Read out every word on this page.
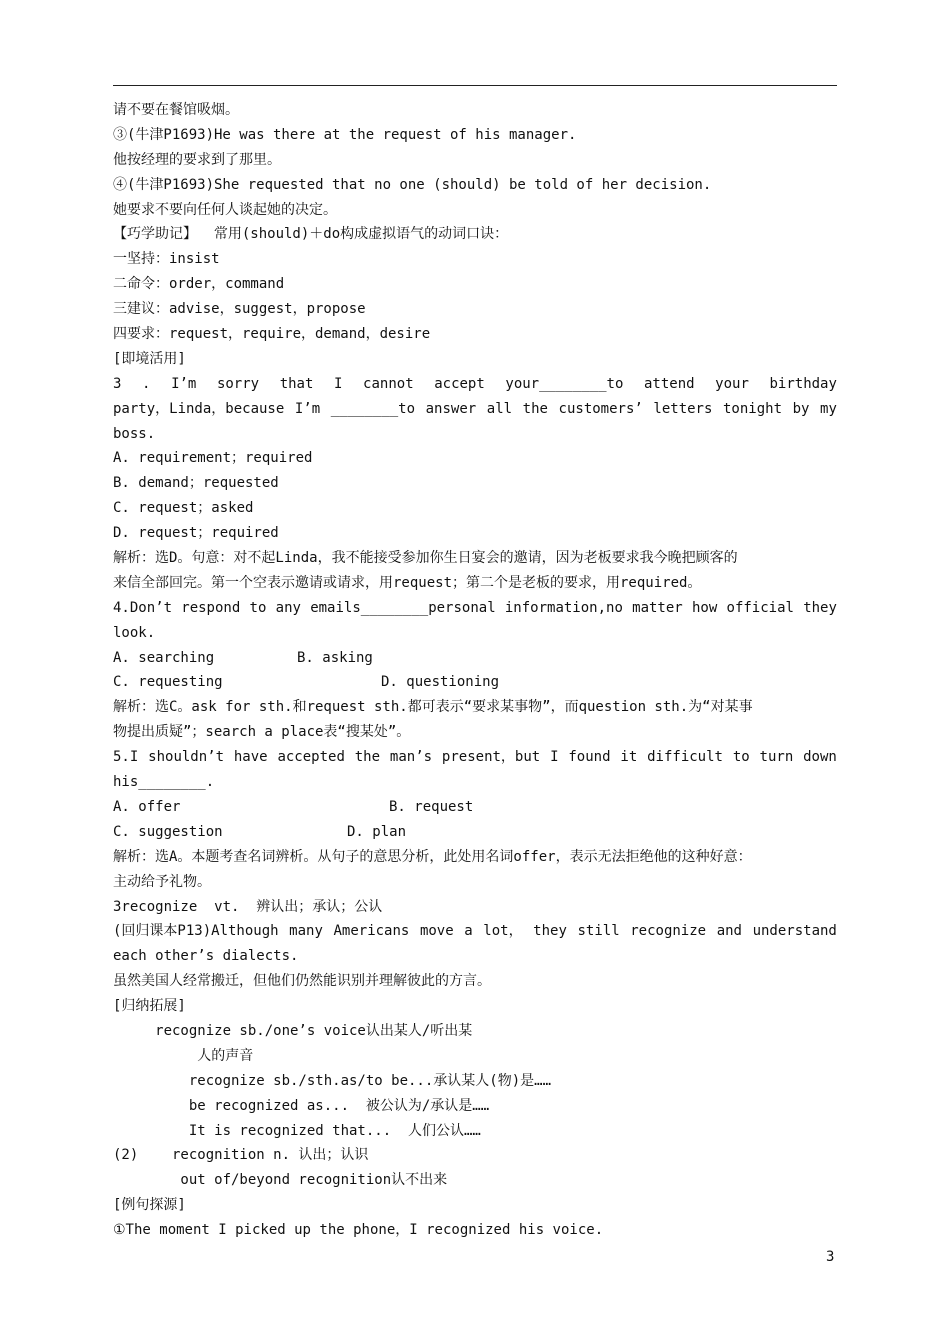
请不要在餐馆吸烟。
③(牛津P1693)He was there at the request of his manager.
他按经理的要求到了那里。
④(牛津P1693)She requested that no one (should) be told of her decision.
她要求不要向任何人谈起她的决定。
【巧学助记】  常用(should)＋do构成虚拟语气的动词口诀：
一坚持：insist
二命令：order，command
三建议：advise，suggest，propose
四要求：request，require，demand，desire
[即境活用]
3 . I’m sorry that I cannot accept your________to attend your birthday
party，Linda，because I’m ________to answer all the customers’ letters tonight by my
boss.
A. requirement；required
B. demand；requested
C. request；asked
D. request；required
解析：选D。句意：对不起Linda，我不能接受参加你生日宴会的邀请，因为老板要求我今晚把顾客的
来信全部回完。第一个空表示邀请或请求，用request；第二个是老板的要求，用required。
4.Don’t respond to any emails________personal information,no matter how official they
look.
A. searching	B. asking
C. requesting	D. questioning
解析：选C。ask for sth.和request sth.都可表示“要求某事物”，而question sth.为“对某事
物提出质疑”；search a place表“搜某处”。
5.I shouldn’t have accepted the man’s present，but I found it difficult to turn down
his________.
A. offer	B. request
C. suggestion	D. plan
解析：选A。本题考查名词辨析。从句子的意思分析，此处用名词offer，表示无法拒绝他的这种好意：
主动给予礼物。
3recognize  vt.  辨认出；承认；公认
(回归课本P13)Although many Americans move a lot， they still recognize and understand
each other’s dialects.
虽然美国人经常搬迁，但他们仍然能识别并理解彼此的方言。
[归纳拓展]
recognize sb./one’s voice认出某人/听出某
人的声音
recognize sb./sth.as/to be...承认某人(物)是……
be recognized as...  被公认为/承认是……
It is recognized that...  人们公认……
(2)    recognition n. 认出；认识
out of/beyond recognition认不出来
[例句探源]
①The moment I picked up the phone，I recognized his voice.
3
